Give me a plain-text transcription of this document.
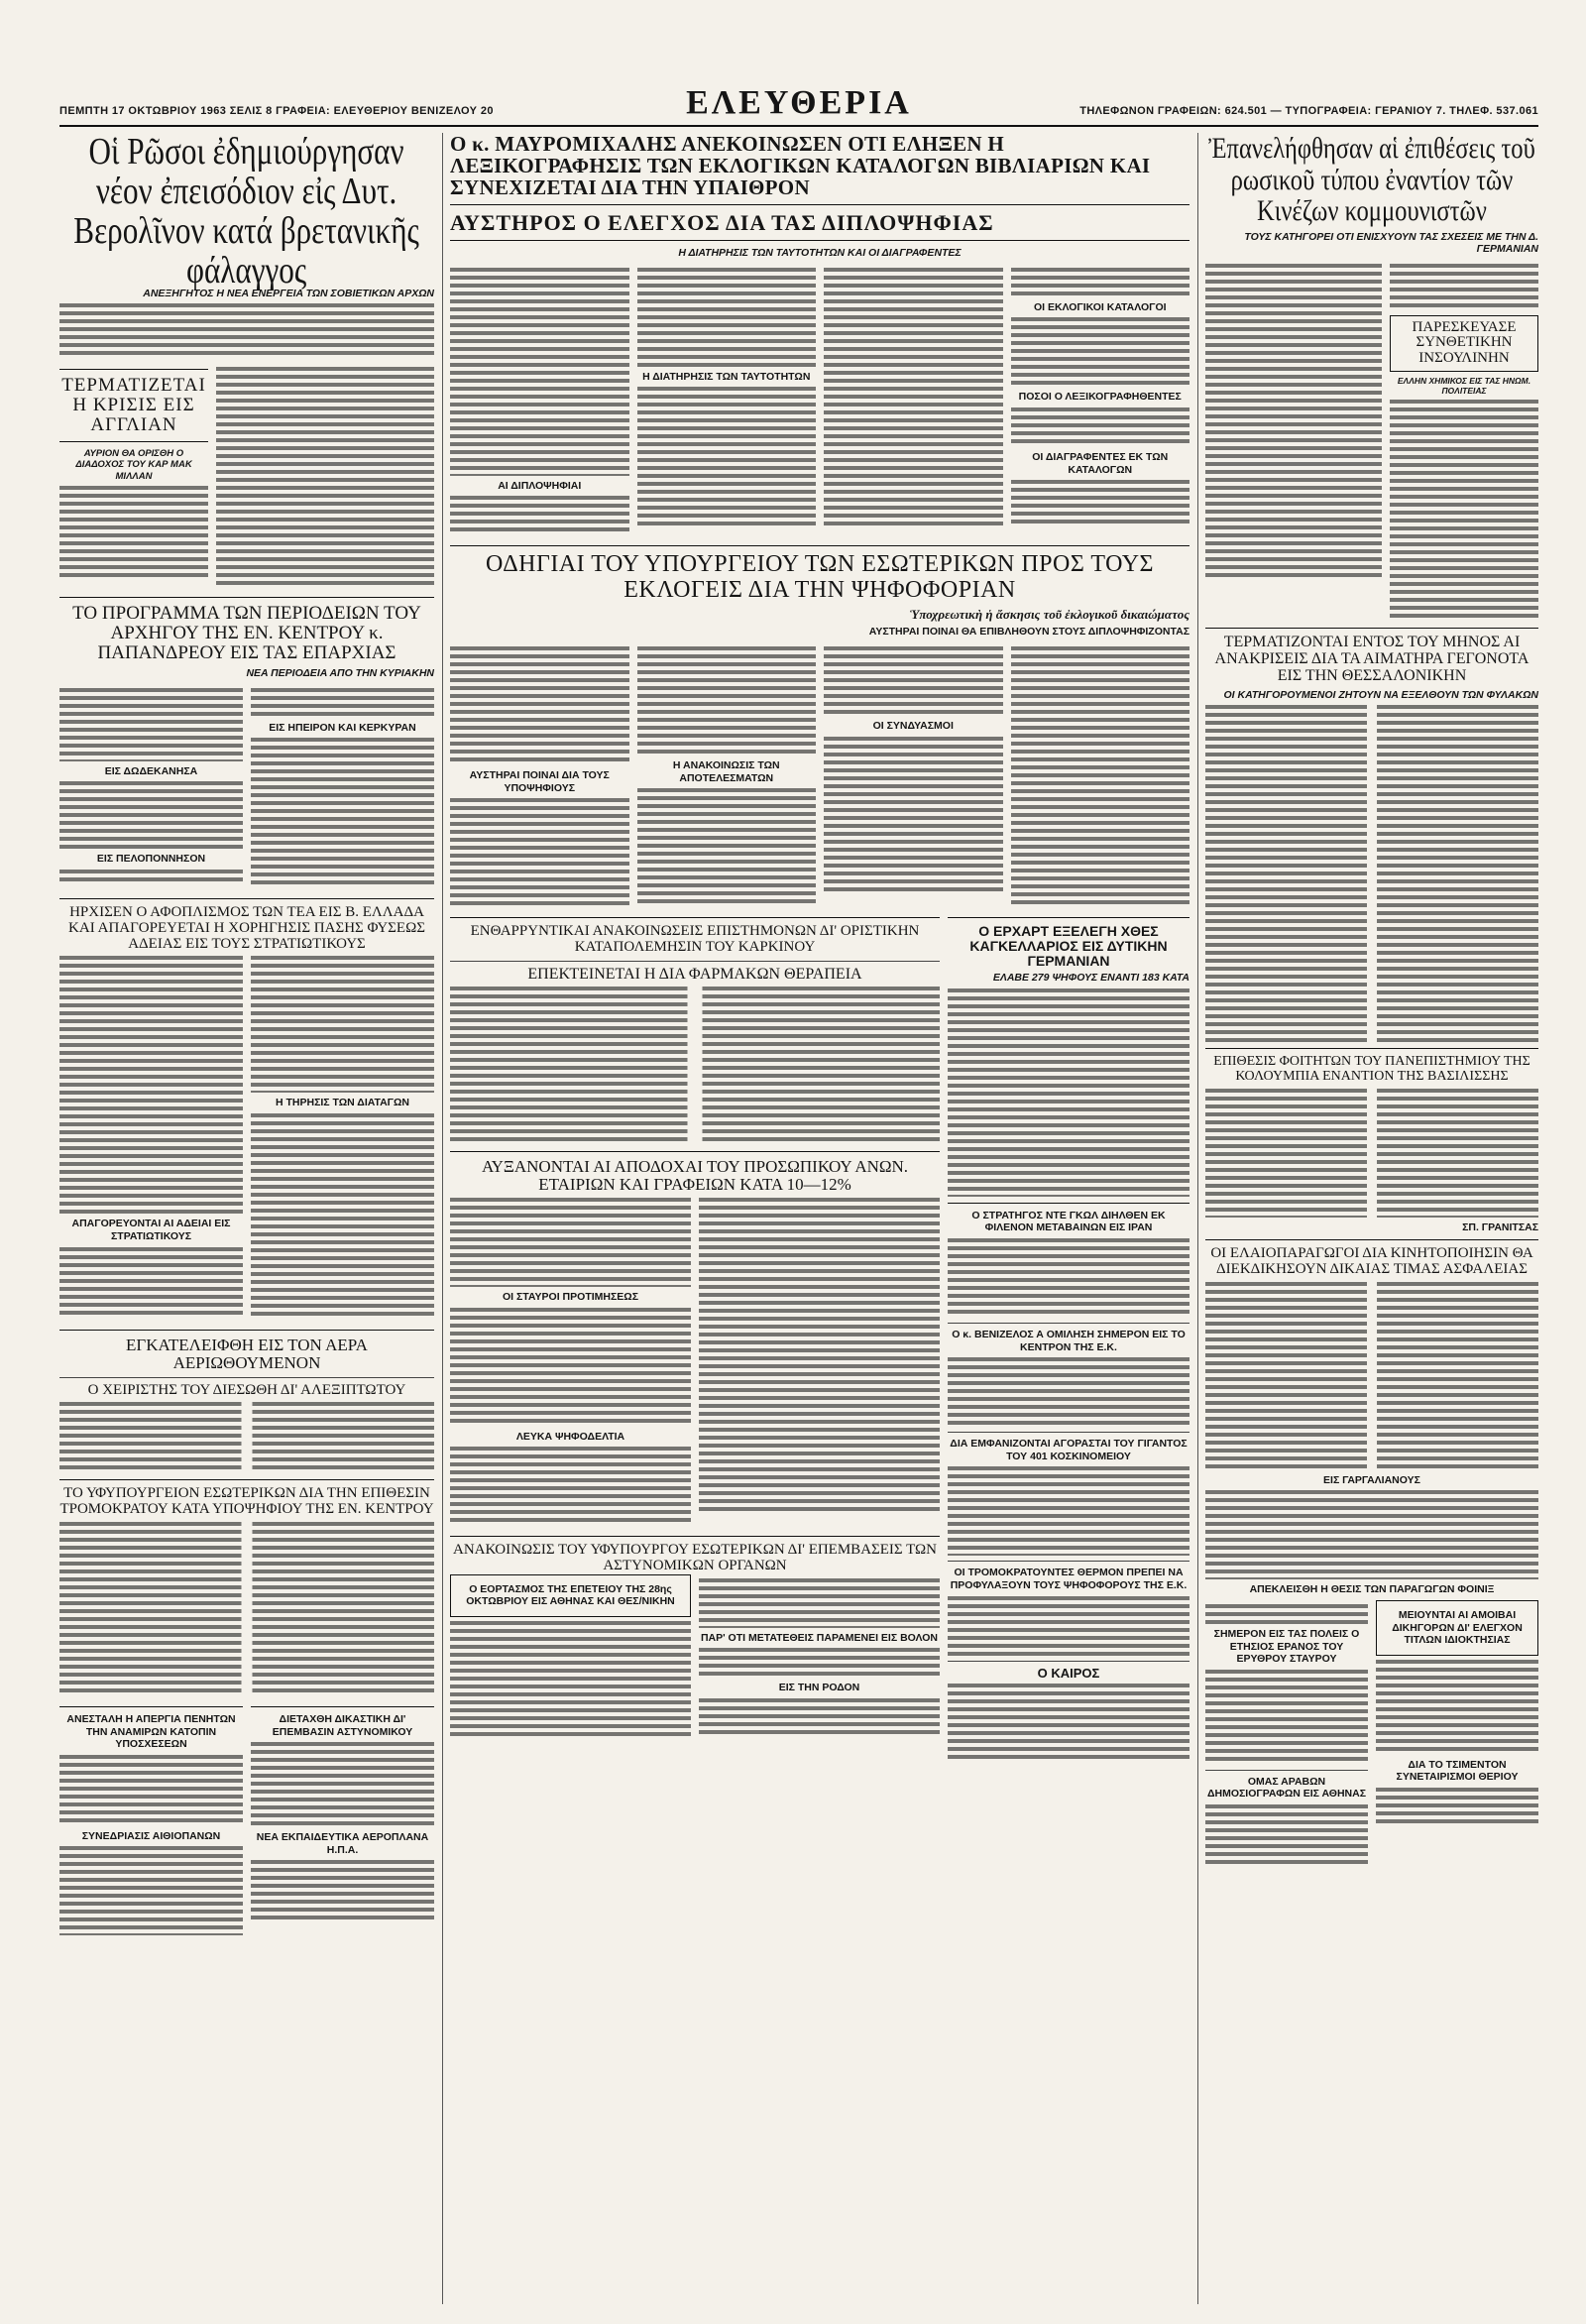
ΠΕΜΠΤΗ 17 ΟΚΤΩΒΡΙΟΥ 1963 ΣΕΛΙΣ 8 ΓΡΑΦΕΙΑ: ΕΛΕΥΘΕΡΙΟΥ ΒΕΝΙΖΕΛΟΥ 20	ΕΛΕΥΘΕΡΙΑ	ΤΗΛΕΦΩΝΟΝ ΓΡΑΦΕΙΩΝ: 624.501 — ΤΥΠΟΓΡΑΦΕΙΑ: ΓΕΡΑΝΙΟΥ 7. ΤΗΛΕΦ. 537.061
Οἱ Ρῶσοι ἐδημιούργησαν νέον ἐπεισόδιον εἰς Δυτ. Βερολῖνον κατά βρετανικῆς φάλαγγος
ΑΝΕΞΗΓΗΤΟΣ Η ΝΕΑ ΕΝΕΡΓΕΙΑ ΤΩΝ ΣΟΒΙΕΤΙΚΩΝ ΑΡΧΩΝ
ΤΕΡΜΑΤΙΖΕΤΑΙ Η ΚΡΙΣΙΣ ΕΙΣ ΑΓΓΛΙΑΝ
ΑΥΡΙΟΝ ΘΑ ΟΡΙΣΘΗ Ο ΔΙΑΔΟΧΟΣ ΤΟΥ ΚΑΡ ΜΑΚ ΜΙΛΛΑΝ
ΤΟ ΠΡΟΓΡΑΜΜΑ ΤΩΝ ΠΕΡΙΟΔΕΙΩΝ ΤΟΥ ΑΡΧΗΓΟΥ ΤΗΣ ΕΝ. ΚΕΝΤΡΟΥ κ. ΠΑΠΑΝΔΡΕΟΥ ΕΙΣ ΤΑΣ ΕΠΑΡΧΙΑΣ
ΝΕΑ ΠΕΡΙΟΔΕΙΑ ΑΠΟ ΤΗΝ ΚΥΡΙΑΚΗΝ
ΕΙΣ ΔΩΔΕΚΑΝΗΣΑ
ΕΙΣ ΠΕΛΟΠΟΝΝΗΣΟΝ
ΕΙΣ ΗΠΕΙΡΟΝ ΚΑΙ ΚΕΡΚΥΡΑΝ
ΗΡΧΙΣΕΝ Ο ΑΦΟΠΛΙΣΜΟΣ ΤΩΝ ΤΕΑ ΕΙΣ Β. ΕΛΛΑΔΑ ΚΑΙ ΑΠΑΓΟΡΕΥΕΤΑΙ Η ΧΟΡΗΓΗΣΙΣ ΠΑΣΗΣ ΦΥΣΕΩΣ ΑΔΕΙΑΣ ΕΙΣ ΤΟΥΣ ΣΤΡΑΤΙΩΤΙΚΟΥΣ
ΑΠΑΓΟΡΕΥΟΝΤΑΙ ΑΙ ΑΔΕΙΑΙ ΕΙΣ ΣΤΡΑΤΙΩΤΙΚΟΥΣ
Η ΤΗΡΗΣΙΣ ΤΩΝ ΔΙΑΤΑΓΩΝ
ΕΓΚΑΤΕΛΕΙΦΘΗ ΕΙΣ ΤΟΝ ΑΕΡΑ ΑΕΡΙΩΘΟΥΜΕΝΟΝ
Ο ΧΕΙΡΙΣΤΗΣ ΤΟΥ ΔΙΕΣΩΘΗ ΔΙ' ΑΛΕΞΙΠΤΩΤΟΥ
ΤΟ ΥΦΥΠΟΥΡΓΕΙΟΝ ΕΣΩΤΕΡΙΚΩΝ ΔΙΑ ΤΗΝ ΕΠΙΘΕΣΙΝ ΤΡΟΜΟΚΡΑΤΟΥ ΚΑΤΑ ΥΠΟΨΗΦΙΟΥ ΤΗΣ ΕΝ. ΚΕΝΤΡΟΥ
ΑΝΕΣΤΑΛΗ Η ΑΠΕΡΓΙΑ ΠΕΝΗΤΩΝ ΤΗΝ ΑΝΑΜΙΡΩΝ ΚΑΤΟΠΙΝ ΥΠΟΣΧΕΣΕΩΝ
ΣΥΝΕΔΡΙΑΣΙΣ ΑΙΘΙΟΠΑΝΩΝ
ΔΙΕΤΑΧΘΗ ΔΙΚΑΣΤΙΚΗ ΔΙ' ΕΠΕΜΒΑΣΙΝ ΑΣΤΥΝΟΜΙΚΟΥ
ΝΕΑ ΕΚΠΑΙΔΕΥΤΙΚΑ ΑΕΡΟΠΛΑΝΑ Η.Π.Α.
Ο κ. ΜΑΥΡΟΜΙΧΑΛΗΣ ΑΝΕΚΟΙΝΩΣΕΝ ΟΤΙ ΕΛΗΞΕΝ Η ΛΕΞΙΚΟΓΡΑΦΗΣΙΣ ΤΩΝ ΕΚΛΟΓΙΚΩΝ ΚΑΤΑΛΟΓΩΝ ΒΙΒΛΙΑΡΙΩΝ ΚΑΙ ΣΥΝΕΧΙΖΕΤΑΙ ΔΙΑ ΤΗΝ ΥΠΑΙΘΡΟΝ
ΑΥΣΤΗΡΟΣ Ο ΕΛΕΓΧΟΣ ΔΙΑ ΤΑΣ ΔΙΠΛΟΨΗΦΙΑΣ
Η ΔΙΑΤΗΡΗΣΙΣ ΤΩΝ ΤΑΥΤΟΤΗΤΩΝ ΚΑΙ ΟΙ ΔΙΑΓΡΑΦΕΝΤΕΣ
ΑΙ ΔΙΠΛΟΨΗΦΙΑΙ
Η ΔΙΑΤΗΡΗΣΙΣ ΤΩΝ ΤΑΥΤΟΤΗΤΩΝ
ΟΙ ΕΚΛΟΓΙΚΟΙ ΚΑΤΑΛΟΓΟΙ
ΠΟΣΟΙ Ο ΛΕΞΙΚΟΓΡΑΦΗΘΕΝΤΕΣ
ΟΙ ΔΙΑΓΡΑΦΕΝΤΕΣ ΕΚ ΤΩΝ ΚΑΤΑΛΟΓΩΝ
ΟΔΗΓΙΑΙ ΤΟΥ ΥΠΟΥΡΓΕΙΟΥ ΤΩΝ ΕΣΩΤΕΡΙΚΩΝ ΠΡΟΣ ΤΟΥΣ ΕΚΛΟΓΕΙΣ ΔΙΑ ΤΗΝ ΨΗΦΟΦΟΡΙΑΝ
Ὑποχρεωτικὴ ἡ ἄσκησις τοῦ ἐκλογικοῦ δικαιώματος
ΑΥΣΤΗΡΑΙ ΠΟΙΝΑΙ ΘΑ ΕΠΙΒΛΗΘΟΥΝ ΣΤΟΥΣ ΔΙΠΛΟΨΗΦΙΖΟΝΤΑΣ
ΑΥΣΤΗΡΑΙ ΠΟΙΝΑΙ ΔΙΑ ΤΟΥΣ ΥΠΟΨΗΦΙΟΥΣ
Η ΑΝΑΚΟΙΝΩΣΙΣ ΤΩΝ ΑΠΟΤΕΛΕΣΜΑΤΩΝ
ΟΙ ΣΥΝΔΥΑΣΜΟΙ
ΕΝΘΑΡΡΥΝΤΙΚΑΙ ΑΝΑΚΟΙΝΩΣΕΙΣ ΕΠΙΣΤΗΜΟΝΩΝ ΔΙ' ΟΡΙΣΤΙΚΗΝ ΚΑΤΑΠΟΛΕΜΗΣΙΝ ΤΟΥ ΚΑΡΚΙΝΟΥ
ΕΠΕΚΤΕΙΝΕΤΑΙ Η ΔΙΑ ΦΑΡΜΑΚΩΝ ΘΕΡΑΠΕΙΑ
ΑΥΞΑΝΟΝΤΑΙ ΑΙ ΑΠΟΔΟΧΑΙ ΤΟΥ ΠΡΟΣΩΠΙΚΟΥ ΑΝΩΝ. ΕΤΑΙΡΙΩΝ ΚΑΙ ΓΡΑΦΕΙΩΝ ΚΑΤΑ 10—12%
ΟΙ ΣΤΑΥΡΟΙ ΠΡΟΤΙΜΗΣΕΩΣ
ΛΕΥΚΑ ΨΗΦΟΔΕΛΤΙΑ
ΑΝΑΚΟΙΝΩΣΙΣ ΤΟΥ ΥΦΥΠΟΥΡΓΟΥ ΕΣΩΤΕΡΙΚΩΝ ΔΙ' ΕΠΕΜΒΑΣΕΙΣ ΤΩΝ ΑΣΤΥΝΟΜΙΚΩΝ ΟΡΓΑΝΩΝ
Ο ΕΟΡΤΑΣΜΟΣ ΤΗΣ ΕΠΕΤΕΙΟΥ ΤΗΣ 28ης ΟΚΤΩΒΡΙΟΥ ΕΙΣ ΑΘΗΝΑΣ ΚΑΙ ΘΕΣ/ΝΙΚΗΝ
ΠΑΡ' ΟΤΙ ΜΕΤΑΤΕΘΕΙΣ ΠΑΡΑΜΕΝΕΙ ΕΙΣ ΒΟΛΟΝ
ΕΙΣ ΤΗΝ ΡΟΔΟΝ
Ο ΕΡΧΑΡΤ ΕΞΕΛΕΓΗ ΧΘΕΣ ΚΑΓΚΕΛΛΑΡΙΟΣ ΕΙΣ ΔΥΤΙΚΗΝ ΓΕΡΜΑΝΙΑΝ
ΕΛΑΒΕ 279 ΨΗΦΟΥΣ ΕΝΑΝΤΙ 183 ΚΑΤΑ
Ο ΣΤΡΑΤΗΓΟΣ ΝΤΕ ΓΚΩΛ ΔΙΗΛΘΕΝ ΕΚ ΦΙΛΕΝΟΝ ΜΕΤΑΒΑΙΝΩΝ ΕΙΣ ΙΡΑΝ
Ο κ. ΒΕΝΙΖΕΛΟΣ Α ΟΜΙΛΗΣΗ ΣΗΜΕΡΟΝ ΕΙΣ ΤΟ ΚΕΝΤΡΟΝ ΤΗΣ Ε.Κ.
ΔΙΑ ΕΜΦΑΝΙΖΟΝΤΑΙ ΑΓΟΡΑΣΤΑΙ ΤΟΥ ΓΙΓΑΝΤΟΣ ΤΟΥ 401 ΚΟΣΚΙΝΟΜΕΙΟΥ
ΟΙ ΤΡΟΜΟΚΡΑΤΟΥΝΤΕΣ ΘΕΡΜΟΝ ΠΡΕΠΕΙ ΝΑ ΠΡΟΦΥΛΑΞΟΥΝ ΤΟΥΣ ΨΗΦΟΦΟΡΟΥΣ ΤΗΣ Ε.Κ.
Ο ΚΑΙΡΟΣ
Ἐπανελήφθησαν αἱ ἐπιθέσεις τοῦ ρωσικοῦ τύπου ἐναντίον τῶν Κινέζων κομμουνιστῶν
ΤΟΥΣ ΚΑΤΗΓΟΡΕΙ ΟΤΙ ΕΝΙΣΧΥΟΥΝ ΤΑΣ ΣΧΕΣΕΙΣ ΜΕ ΤΗΝ Δ. ΓΕΡΜΑΝΙΑΝ
ΠΑΡΕΣΚΕΥΑΣΕ ΣΥΝΘΕΤΙΚΗΝ ΙΝΣΟΥΛΙΝΗΝ
ΕΛΛΗΝ ΧΗΜΙΚΟΣ ΕΙΣ ΤΑΣ ΗΝΩΜ. ΠΟΛΙΤΕΙΑΣ
ΤΕΡΜΑΤΙΖΟΝΤΑΙ ΕΝΤΟΣ ΤΟΥ ΜΗΝΟΣ ΑΙ ΑΝΑΚΡΙΣΕΙΣ ΔΙΑ ΤΑ ΑΙΜΑΤΗΡΑ ΓΕΓΟΝΟΤΑ ΕΙΣ ΤΗΝ ΘΕΣΣΑΛΟΝΙΚΗΝ
ΟΙ ΚΑΤΗΓΟΡΟΥΜΕΝΟΙ ΖΗΤΟΥΝ ΝΑ ΕΞΕΛΘΟΥΝ ΤΩΝ ΦΥΛΑΚΩΝ
ΕΠΙΘΕΣΙΣ ΦΟΙΤΗΤΩΝ ΤΟΥ ΠΑΝΕΠΙΣΤΗΜΙΟΥ ΤΗΣ ΚΟΛΟΥΜΠΙΑ ΕΝΑΝΤΙΟΝ ΤΗΣ ΒΑΣΙΛΙΣΣΗΣ
ΣΠ. ΓΡΑΝΙΤΣΑΣ
ΟΙ ΕΛΑΙΟΠΑΡΑΓΩΓΟΙ ΔΙΑ ΚΙΝΗΤΟΠΟΙΗΣΙΝ ΘΑ ΔΙΕΚΔΙΚΗΣΟΥΝ ΔΙΚΑΙΑΣ ΤΙΜΑΣ ΑΣΦΑΛΕΙΑΣ
ΕΙΣ ΓΑΡΓΑΛΙΑΝΟΥΣ
ΑΠΕΚΛΕΙΣΘΗ Η ΘΕΣΙΣ ΤΩΝ ΠΑΡΑΓΩΓΩΝ ΦΟΙΝΙΞ
ΣΗΜΕΡΟΝ ΕΙΣ ΤΑΣ ΠΟΛΕΙΣ Ο ΕΤΗΣΙΟΣ ΕΡΑΝΟΣ ΤΟΥ ΕΡΥΘΡΟΥ ΣΤΑΥΡΟΥ
ΟΜΑΣ ΑΡΑΒΩΝ ΔΗΜΟΣΙΟΓΡΑΦΩΝ ΕΙΣ ΑΘΗΝΑΣ
ΜΕΙΟΥΝΤΑΙ ΑΙ ΑΜΟΙΒΑΙ ΔΙΚΗΓΟΡΩΝ ΔΙ' ΕΛΕΓΧΟΝ ΤΙΤΛΩΝ ΙΔΙΟΚΤΗΣΙΑΣ
ΔΙΑ ΤΟ ΤΣΙΜΕΝΤΟΝ ΣΥΝΕΤΑΙΡΙΣΜΟΙ ΘΕΡΙΟΥ
